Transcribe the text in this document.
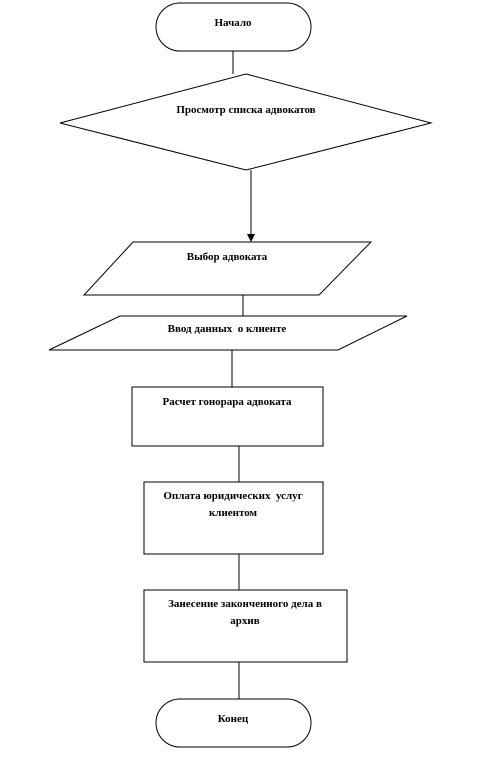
Начало
Просмотр списка адвокатов
Выбор адвоката
Ввод данных  о клиенте
Расчет гонорара адвоката
Оплата юридических  услуг
клиентом
Занесение законченного дела в
архив
Конец
